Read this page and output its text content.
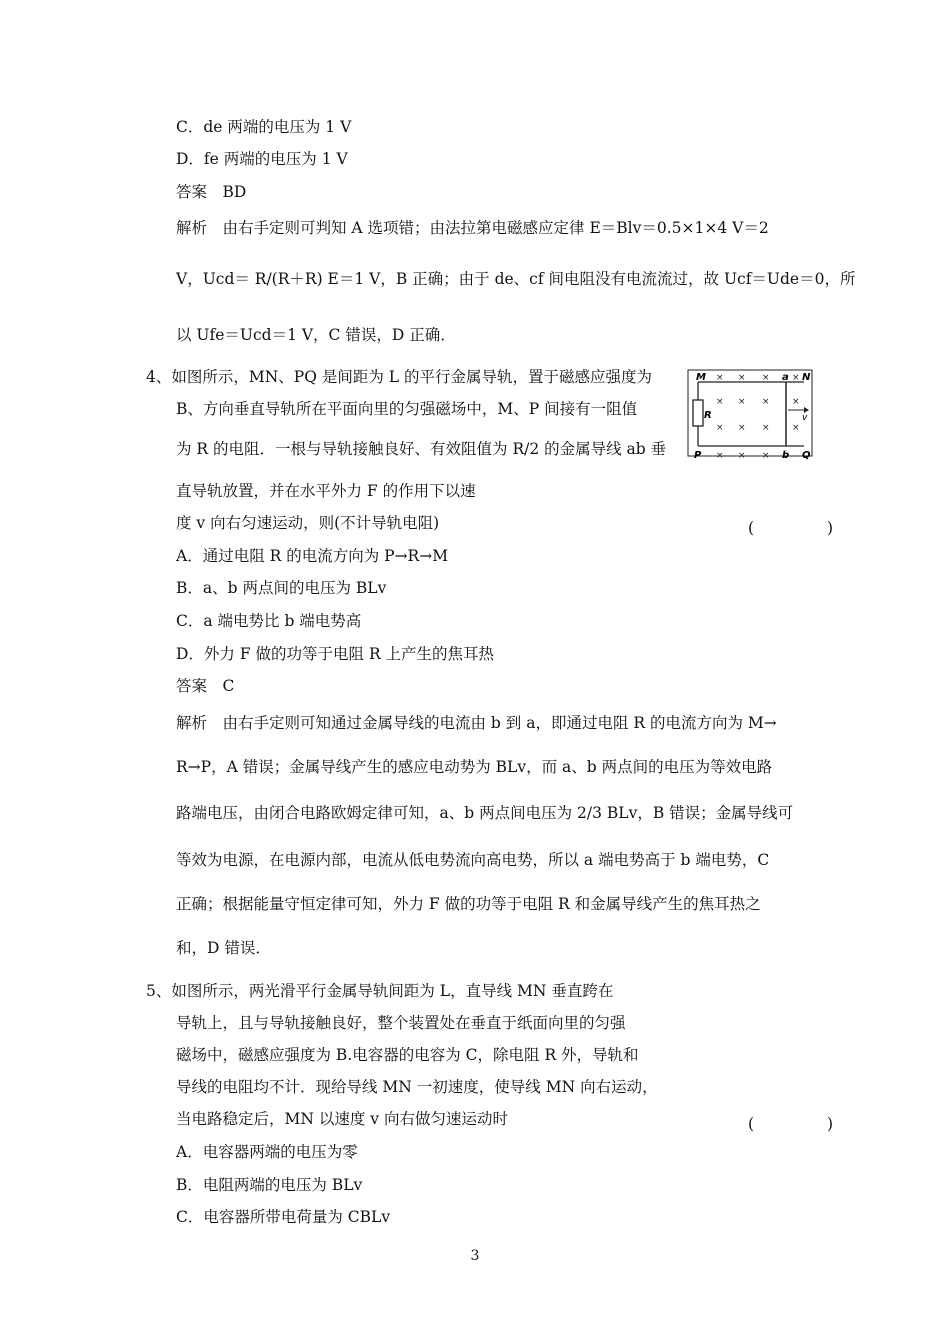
C．de 两端的电压为 1 V
D．fe 两端的电压为 1 V
答案　BD
解析　由右手定则可判知 A 选项错；由法拉第电磁感应定律 E＝Blv＝0.5×1×4 V＝2
V，Ucd＝ R/(R＋R) E＝1 V，B 正确；由于 de、cf 间电阻没有电流流过，故 Ucf＝Ude＝0，所
以 Ufe＝Ucd＝1 V，C 错误，D 正确．
4、如图所示，MN、PQ 是间距为 L 的平行金属导轨，置于磁感应强度为
B、方向垂直导轨所在平面向里的匀强磁场中，M、P 间接有一阻值
为 R 的电阻．一根与导轨接触良好、有效阻值为 R/2 的金属导线 ab 垂
直导轨放置，并在水平外力 F 的作用下以速
度 v 向右匀速运动，则(不计导轨电阻)	(　　)
M	N
P	Q
a
b
R	v
× × × ×
× × × ×
× × × ×
× × ×
A．通过电阻 R 的电流方向为 P→R→M
B．a、b 两点间的电压为 BLv
C．a 端电势比 b 端电势高
D．外力 F 做的功等于电阻 R 上产生的焦耳热
答案　C
解析　由右手定则可知通过金属导线的电流由 b 到 a，即通过电阻 R 的电流方向为 M→
R→P，A 错误；金属导线产生的感应电动势为 BLv，而 a、b 两点间的电压为等效电路
路端电压，由闭合电路欧姆定律可知，a、b 两点间电压为 2/3 BLv，B 错误；金属导线可
等效为电源，在电源内部，电流从低电势流向高电势，所以 a 端电势高于 b 端电势，C
正确；根据能量守恒定律可知，外力 F 做的功等于电阻 R 和金属导线产生的焦耳热之
和，D 错误．
5、如图所示，两光滑平行金属导轨间距为 L，直导线 MN 垂直跨在
导轨上，且与导轨接触良好，整个装置处在垂直于纸面向里的匀强
磁场中，磁感应强度为 B.电容器的电容为 C，除电阻 R 外，导轨和
导线的电阻均不计．现给导线 MN 一初速度，使导线 MN 向右运动，
当电路稳定后，MN 以速度 v 向右做匀速运动时	(　　)
A．电容器两端的电压为零
B．电阻两端的电压为 BLv
C．电容器所带电荷量为 CBLv
3
